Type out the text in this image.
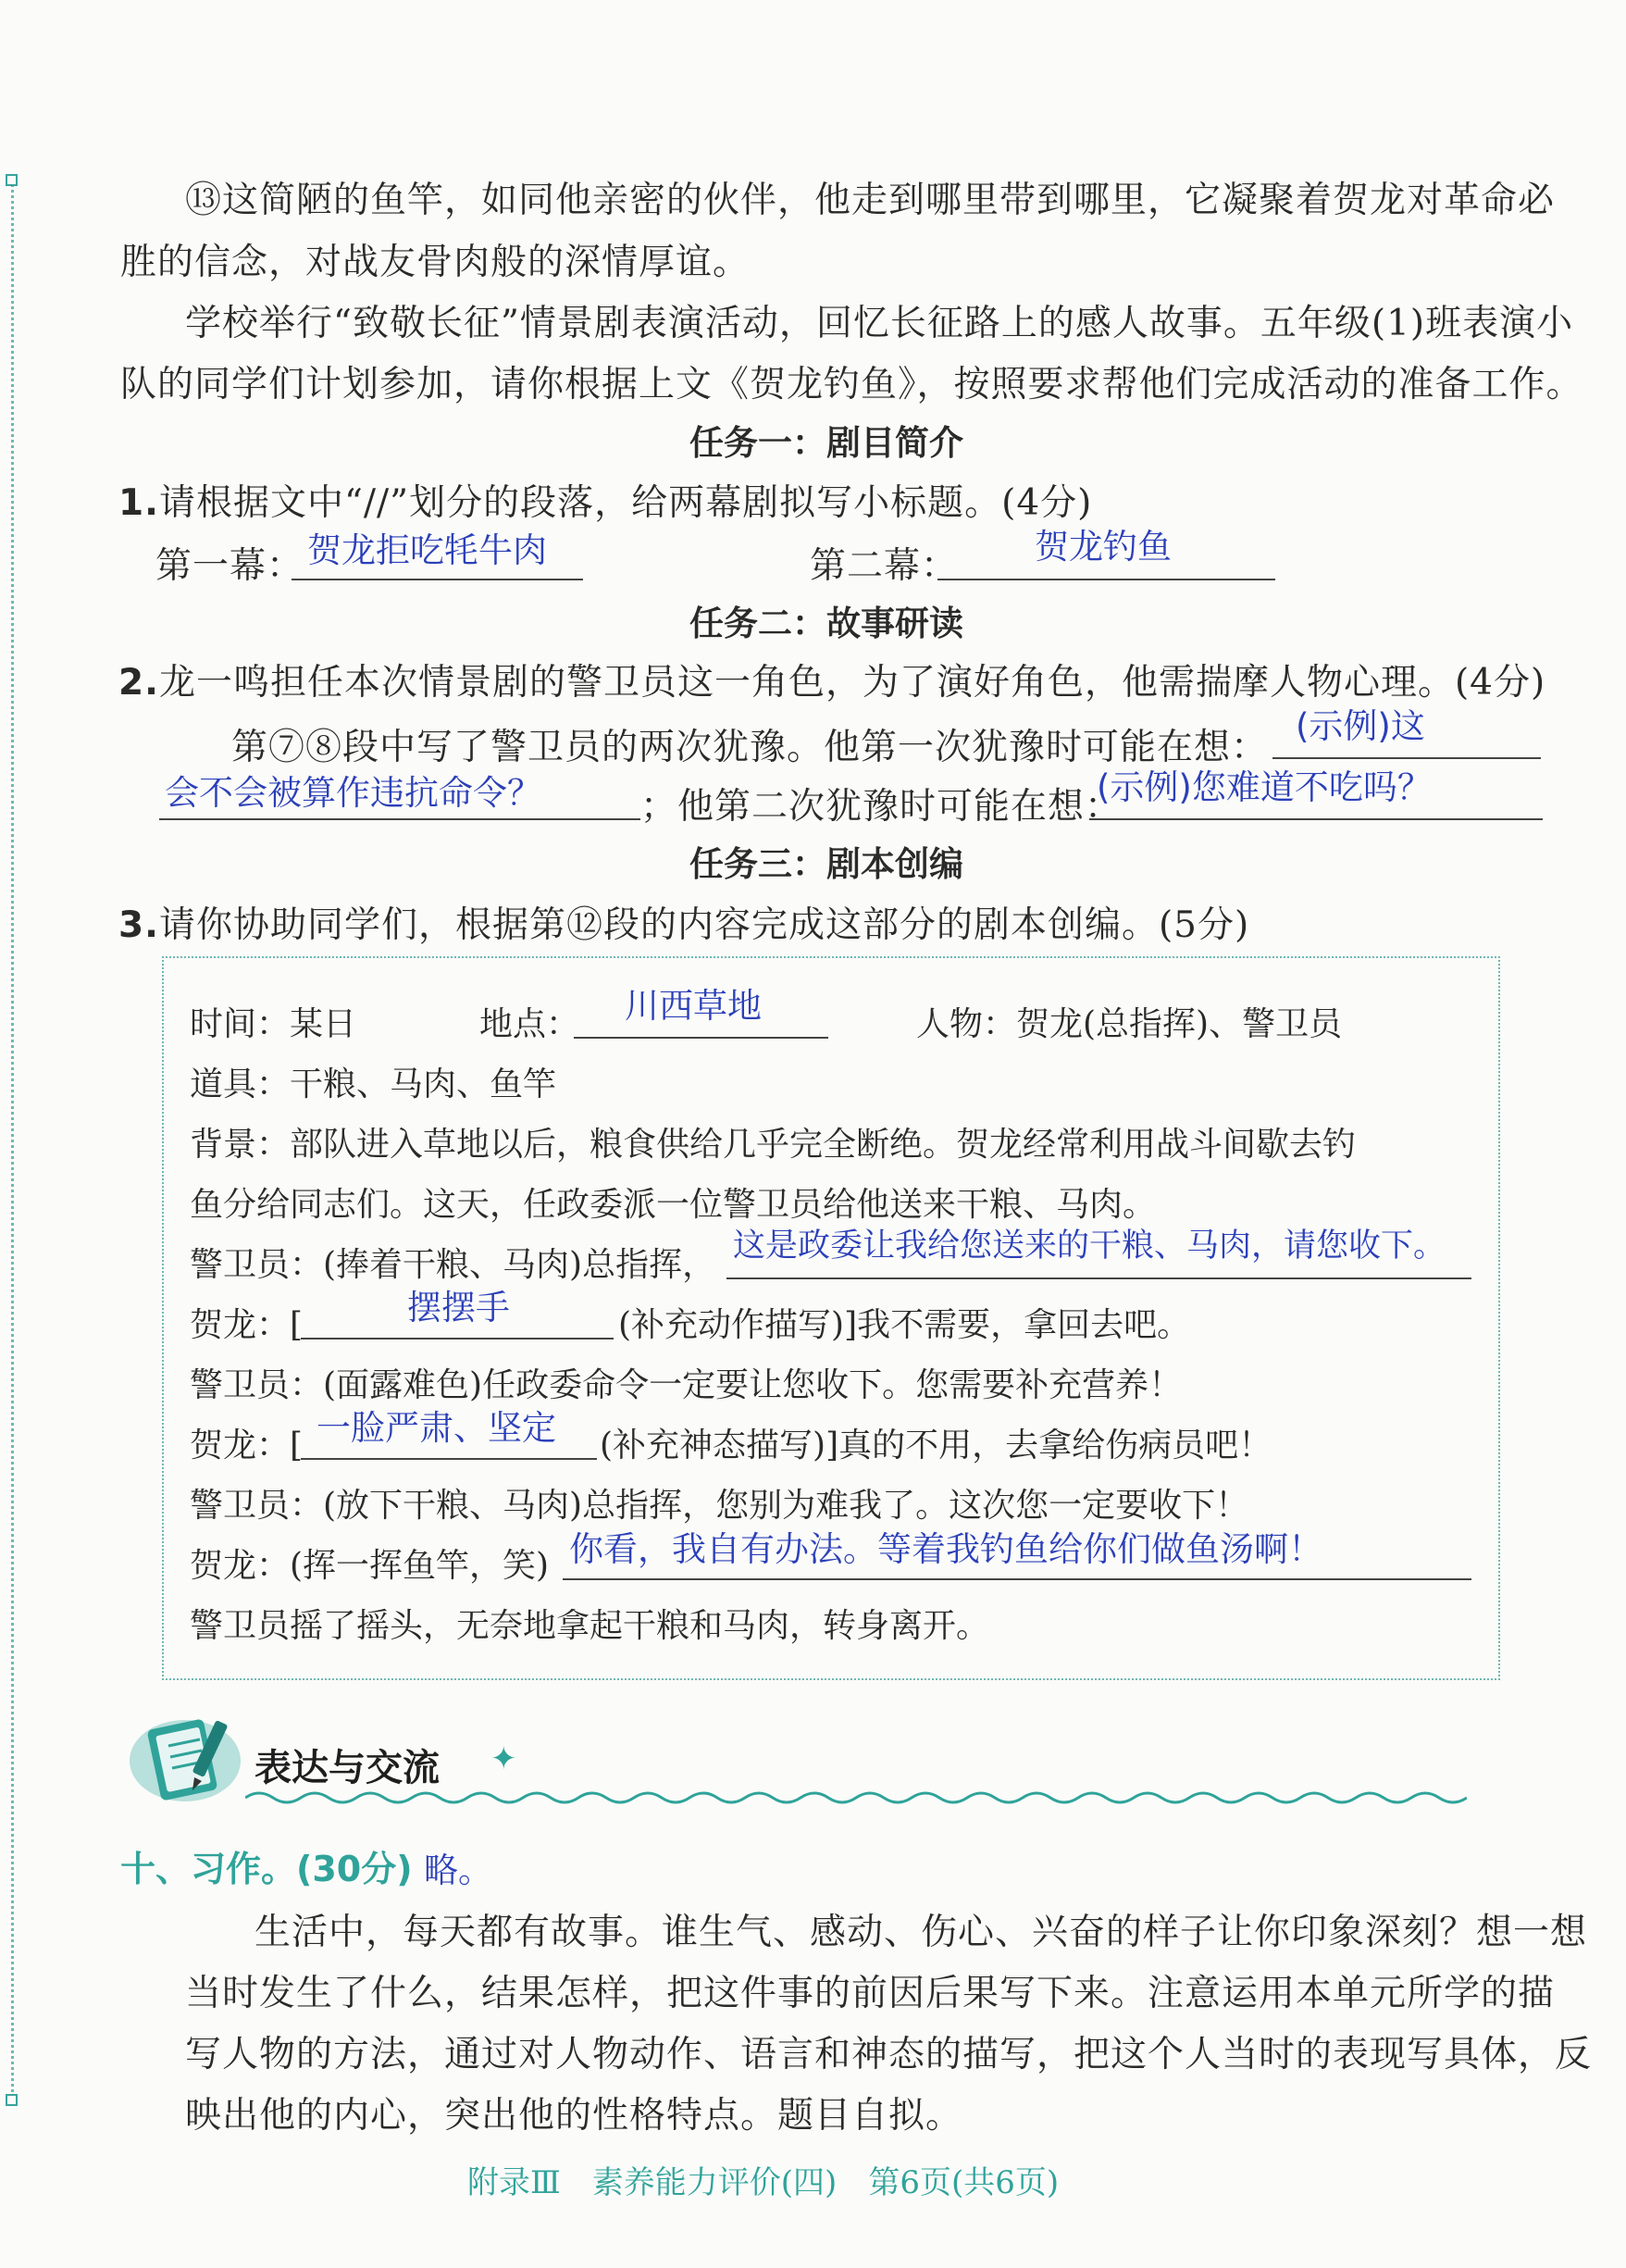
⑬这简陋的鱼竿，如同他亲密的伙伴，他走到哪里带到哪里，它凝聚着贺龙对革命必
胜的信念，对战友骨肉般的深情厚谊。
学校举行“致敬长征”情景剧表演活动，回忆长征路上的感人故事。五年级(1)班表演小
队的同学们计划参加，请你根据上文《贺龙钓鱼》，按照要求帮他们完成活动的准备工作。
任务一：剧目简介
1.请根据文中“//”划分的段落，给两幕剧拟写小标题。(4分)
第一幕： 贺龙拒吃牦牛肉	第二幕： 贺龙钓鱼
任务二：故事研读
2.龙一鸣担任本次情景剧的警卫员这一角色，为了演好角色，他需揣摩人物心理。(4分)
第⑦⑧段中写了警卫员的两次犹豫。他第一次犹豫时可能在想：
(示例)这
会不会被算作违抗命令？	；他第二次犹豫时可能在想：
(示例)您难道不吃吗？
任务三：剧本创编
3.请你协助同学们，根据第⑫段的内容完成这部分的剧本创编。(5分)
时间：某日	地点： 川西草地	人物：贺龙(总指挥)、警卫员
道具：干粮、马肉、鱼竿
背景：部队进入草地以后，粮食供给几乎完全断绝。贺龙经常利用战斗间歇去钓
鱼分给同志们。这天，任政委派一位警卫员给他送来干粮、马肉。
警卫员：(捧着干粮、马肉)总指挥， 这是政委让我给您送来的干粮、马肉，请您收下。
贺龙：[	摆摆手	(补充动作描写)]我不需要，拿回去吧。
警卫员：(面露难色)任政委命令一定要让您收下。您需要补充营养！
贺龙：[ 一脸严肃、坚定 (补充神态描写)]真的不用，去拿给伤病员吧！
警卫员：(放下干粮、马肉)总指挥，您别为难我了。这次您一定要收下！
贺龙：(挥一挥鱼竿，笑) 你看，我自有办法。等着我钓鱼给你们做鱼汤啊！
警卫员摇了摇头，无奈地拿起干粮和马肉，转身离开。
表达与交流 ✦
十、习作。(30分) 略。
生活中，每天都有故事。谁生气、感动、伤心、兴奋的样子让你印象深刻？想一想
当时发生了什么，结果怎样，把这件事的前因后果写下来。注意运用本单元所学的描
写人物的方法，通过对人物动作、语言和神态的描写，把这个人当时的表现写具体，反
映出他的内心，突出他的性格特点。题目自拟。
附录Ⅲ　素养能力评价(四)　第6页(共6页)
